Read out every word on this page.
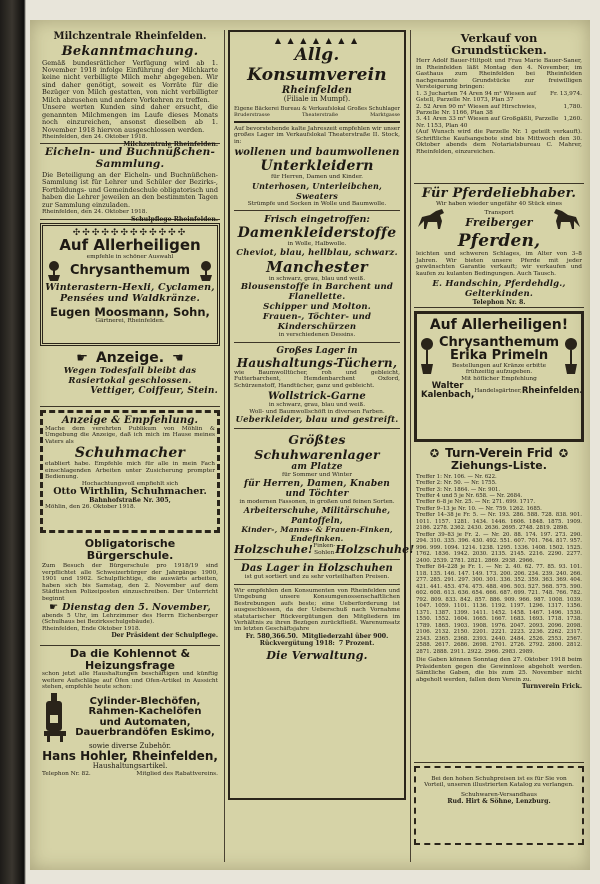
Milchzentrale Rheinfelden.
Bekanntmachung.
Gemäß bundesrätlicher Verfügung wird ab 1. November 1918 infolge Einführung der Milchkarte keine nicht verbilligte Milch mehr abgegeben. Wir sind daher genötigt, soweit es Vorräte für die Bezüger von Milch gestatten, von nicht verbilligter Milch abzusehen und andere Vorkehren zu treffen.
Unsere werten Kunden sind daher ersucht, die genannten Milchmengen im Laufe dieses Monats noch einzureichen, ansonst dieselben ab 1. November 1918 hiervon ausgeschlossen werden.
Rheinfelden, den 24. Oktober 1918.
Milchzentrale Rheinfelden.
Eicheln- und Buchnüßchen-Sammlung.
Die Beteiligung an der Eicheln- und Buchnüßchen-Sammlung ist für Lehrer und Schüler der Bezirks-, Fortbildungs- und Gemeindeschule obligatorisch und haben die Lehrer jeweilen an den bestimmten Tagen zur Sammlung einzuladen.
Rheinfelden, den 24. Oktober 1918.
Schulpflege Rheinfelden.
✣✣✣✣✣✣✣✣✣✣✣✣
Auf Allerheiligen
empfehle in schöner Auswahl
Chrysanthemum
Winterastern-Hexli, Cyclamen,
Pensées und Waldkränze.
Eugen Moosmann, Sohn,
Gärtnerei, Rheinfelden.
☛ Anzeige. ☚
Wegen Todesfall bleibt das Rasiertokal geschlossen.
Vettiger, Coiffeur, Stein.
Anzeige & Empfehlung.
Mache dem verehrten Publikum von Möhlin & Umgebung die Anzeige, daß ich mich im Hause meines Vaters als
Schuhmacher
etabliert habe. Empfehle mich für alle in mein Fach einschlagenden Arbeiten unter Zusicherung prompter Bedienung.
Hochachtungsvoll empfiehlt sich
Otto Wirthlin, Schuhmacher.
Bahnhofstraße Nr. 305,
Möhlin, den 26. Oktober 1918.
Obligatorische Bürgerschule.
Zum Besuch der Bürgerschule pro 1918/19 sind verpflichtet alle Schweizerbürger der Jahrgänge 1900, 1901 und 1902. Schulpflichtige, die auswärts arbeiten, haben sich bis Samstag, den 2. November auf dem Städtischen Polizeiposten einzuschreiben. Der Unterricht beginnt
☛ Dienstag den 5. November,
abends 5 Uhr, im Lehrzimmer des Herrn Eichenberger (Schulhaus bei Bezirksschulgebäude).
Rheinfelden, Ende Oktober 1918.
Der Präsident der Schulpflege.
Da die Kohlennot & Heizungsfrage
schon jetzt alle Haushaltungen beschäftigen und künftig weitere Aufschläge auf Öfen und Ofen-Artikel in Aussicht stehen, empfehle heute schon:
Cylinder-Blechöfen,
Rahmen-Kachelöfen
und Automaten,
Dauerbrandöfen Eskimo,
sowie diverse Zubehör.
Hans Hohler, Rheinfelden,
Haushaltungsartikel.
Telephon Nr. 82.	Mitglied des Rabattvereins.
▲ ▲ ▲ ▲ ▲ ▲ ▲
Allg. Konsumverein
Rheinfelden
(Filiale in Mumpf).
Eigene Bäckerei Bureau & Verkaufslokal Großes Schuhlager
Bruderstrasse	Theaterstraße	Marktgasse
Auf bevorstehende kalte Jahreszeit empfehlen wir unser großes Lager im Verkaufslokal Theaterstraße II. Stock, in:
wollenen und baumwollenen
Unterkleidern
für Herren, Damen und Kinder.
Unterhosen, Unterleibchen, Sweaters
Strümpfe und Socken in Wolle und Baumwolle.
Frisch eingetroffen:
Damenkleiderstoffe
in Wolle, Halbwolle.
Cheviot, blau, hellblau, schwarz.
Manchester
in schwarz, grau, blau und weiß.
Blousenstoffe in Barchent und Flanellette.
Schipper und Molton.
Frauen-, Töchter- und Kinderschürzen
in verschiedenen Dessins.
Großes Lager in
Haushaltungs-Tüchern,
wie Baumwolltücher, roh und gebleicht, Futterbarchent, Hemdenbarchent Oxford, Schürzenstoff, Handtücher, ganz und gebleicht.
Wollstrick-Garne
in schwarz, grau, blau und weiß.
Woll- und Baumwollschöft in diversen Farben.
Ueberkleider, blau und gestreift.
Größtes Schuhwarenlager
am Platze
für Sommer und Winter
für Herren, Damen, Knaben und Töchter
in modernen Fassonen, in großen und feinen Sorten.
Arbeiterschuhe, Militärschuhe, Pantoffeln,
Kinder-, Manns- & Frauen-Finken, Endefinken.
Holzschuhe! Finken-Sohlen Holzschuhe!
Das Lager in Holzschuhen
ist gut sortiert und zu sehr vorteilhaften Preisen.
Wir empfehlen den Konsumenten von Rheinfelden und Umgebung unsere Konsumgenossenschaftlichen Bestrebungen aufs beste; eine Ueberforderung ist ausgeschlossen, da der Ueberschuß nach Vornahme statutarischer Rückvergütungen den Mitgliedern im Verhältnis zu ihren Bezügen zurückfließt. Warenumsatz im letzten Geschäftsjahre
Fr. 580,366.50. Mitgliederzahl über 900.
Rückvergütung 1918: 7 Prozent.
Die Verwaltung.
Verkauf von Grundstücken.
Herr Adolf Bauer-Hiltpolt und Frau Marie Bauer-Saner, in Rheinfelden läßt Montag den 4. November, im Gasthaus zum Rheinfelden bei Rheinfelden nachgenannte Grundstücke zur freiwilligen Versteigerung bringen:
1. 3 Jucharten 74 Aren 94 m² Wiesen auf Gstell, Parzelle Nr. 1073, Plan 37
Fr. 13,974.
2. 52 Aren 90 m² Wiesen auf Hirschwies, Parzelle Nr. 1166, Plan 38
1,780.
3. 41 Aren 33 m² Wiesen auf Großgäßli, Parzelle Nr. 1153, Plan 40
1,260.
(Auf Wunsch wird die Parzelle Nr. 1 geteilt verkauft). Schriftliche Kaufsangebote sind bis Mittwoch den 30. Oktober abends dem Notariatsbureau C. Mahrer, Rheinfelden, einzureichen.
Für Pferdeliebhaber.
Wir haben wieder ungefähr 40 Stück eines
Transport
Freiberger
Pferden,
leichten und schweren Schlages, im Alter von 3–8 Jahren. Wir bieten unsere Pferde mit jeder gewünschten Garantie verkauft; wir verkaufen und kaufen zu kulanten Bedingungen. Auch Tausch.
E. Handschin, Pferdehdlg., Gelterkinden.
Telephon Nr. 8.
Auf Allerheiligen!
Chrysanthemum
Erika Primeln
Bestellungen auf Kränze erbitte frühzeitig aufzugeben.
Mit höflicher Empfehlung
Walter Kalenbach, Handelsgärtner, Rheinfelden.
✪ Turn-Verein Frid ✪
Ziehungs-Liste.
Treffer 1: Nr. 106. — Nr. 622.
Treffer 2: Nr. 50. — Nr. 1755.
Treffer 3: Nr. 1864. — Nr. 901.
Treffer 4 und 5 je Nr. 658. — Nr. 2684.
Treffer 6–8 je Nr. 25. — Nr. 271. 699. 1717.
Treffer 9–13 je Nr. 10. — Nr. 759. 1262. 1685.
Treffer 14–38 je Fr. 5. — Nr. 193. 286. 588. 728. 838. 901. 1011. 1157. 1281. 1434. 1446. 1606. 1848. 1875. 1909. 2186. 2278. 2362. 2430. 2636. 2695. 2748. 2819. 2898.
Treffer 39–83 je Fr. 2. — Nr. 20. 88. 174. 197. 273. 290. 294. 310. 335. 396. 430. 492. 551. 607. 701. 764. 817. 957. 996. 999. 1094. 1214. 1238. 1295. 1336. 1408. 1502. 1525. 1762. 1836. 1942. 2030. 2135. 2145. 2216. 2290. 2277. 2400. 2539. 2781. 2821. 2869. 2938. 2966.
Treffer 84–228 je Fr. 1. — Nr. 2. 40. 62. 77. 85. 93. 101. 118. 135. 146. 147. 149. 173. 200. 206. 234. 239. 240. 266. 277. 285. 291. 297. 300. 301. 336. 352. 359. 363. 369. 404. 421. 441. 453. 474. 475. 488. 496. 503. 527. 568. 575. 590. 602. 608. 613. 636. 654. 666. 687. 699. 721. 748. 766. 782. 792. 809. 833. 842. 857. 886. 909. 966. 987. 1008. 1039. 1047. 1059. 1101. 1136. 1192. 1197. 1296. 1317. 1356. 1371. 1387. 1399. 1411. 1452. 1458. 1467. 1496. 1530. 1550. 1552. 1604. 1665. 1667. 1683. 1693. 1718. 1738. 1789. 1865. 1903. 1908. 1976. 2047. 2093. 2096. 2098. 2106. 2132. 2150. 2201. 2221. 2223. 2236. 2262. 2317. 2343. 2365. 2368. 2393. 2440. 2484. 2526. 2553. 2567. 2588. 2617. 2686. 2698. 2701. 2726. 2792. 2800. 2812. 2871. 2888. 2911. 2922. 2966. 2983. 2989.
Die Gaben können Sonntag den 27. Oktober 1918 beim Präsidenten gegen die Gewinnlose abgeholt werden. Sämtliche Gaben, die bis zum 25. November nicht abgeholt werden, fallen dem Verein zu.
Turnverein Frick.
Bei den hohen Schuhpreisen ist es für Sie von Vorteil, unseren illustrierten Katalog zu verlangen.
Schuhwaren-Versandhaus
Rud. Hirt & Söhne, Lenzburg.
